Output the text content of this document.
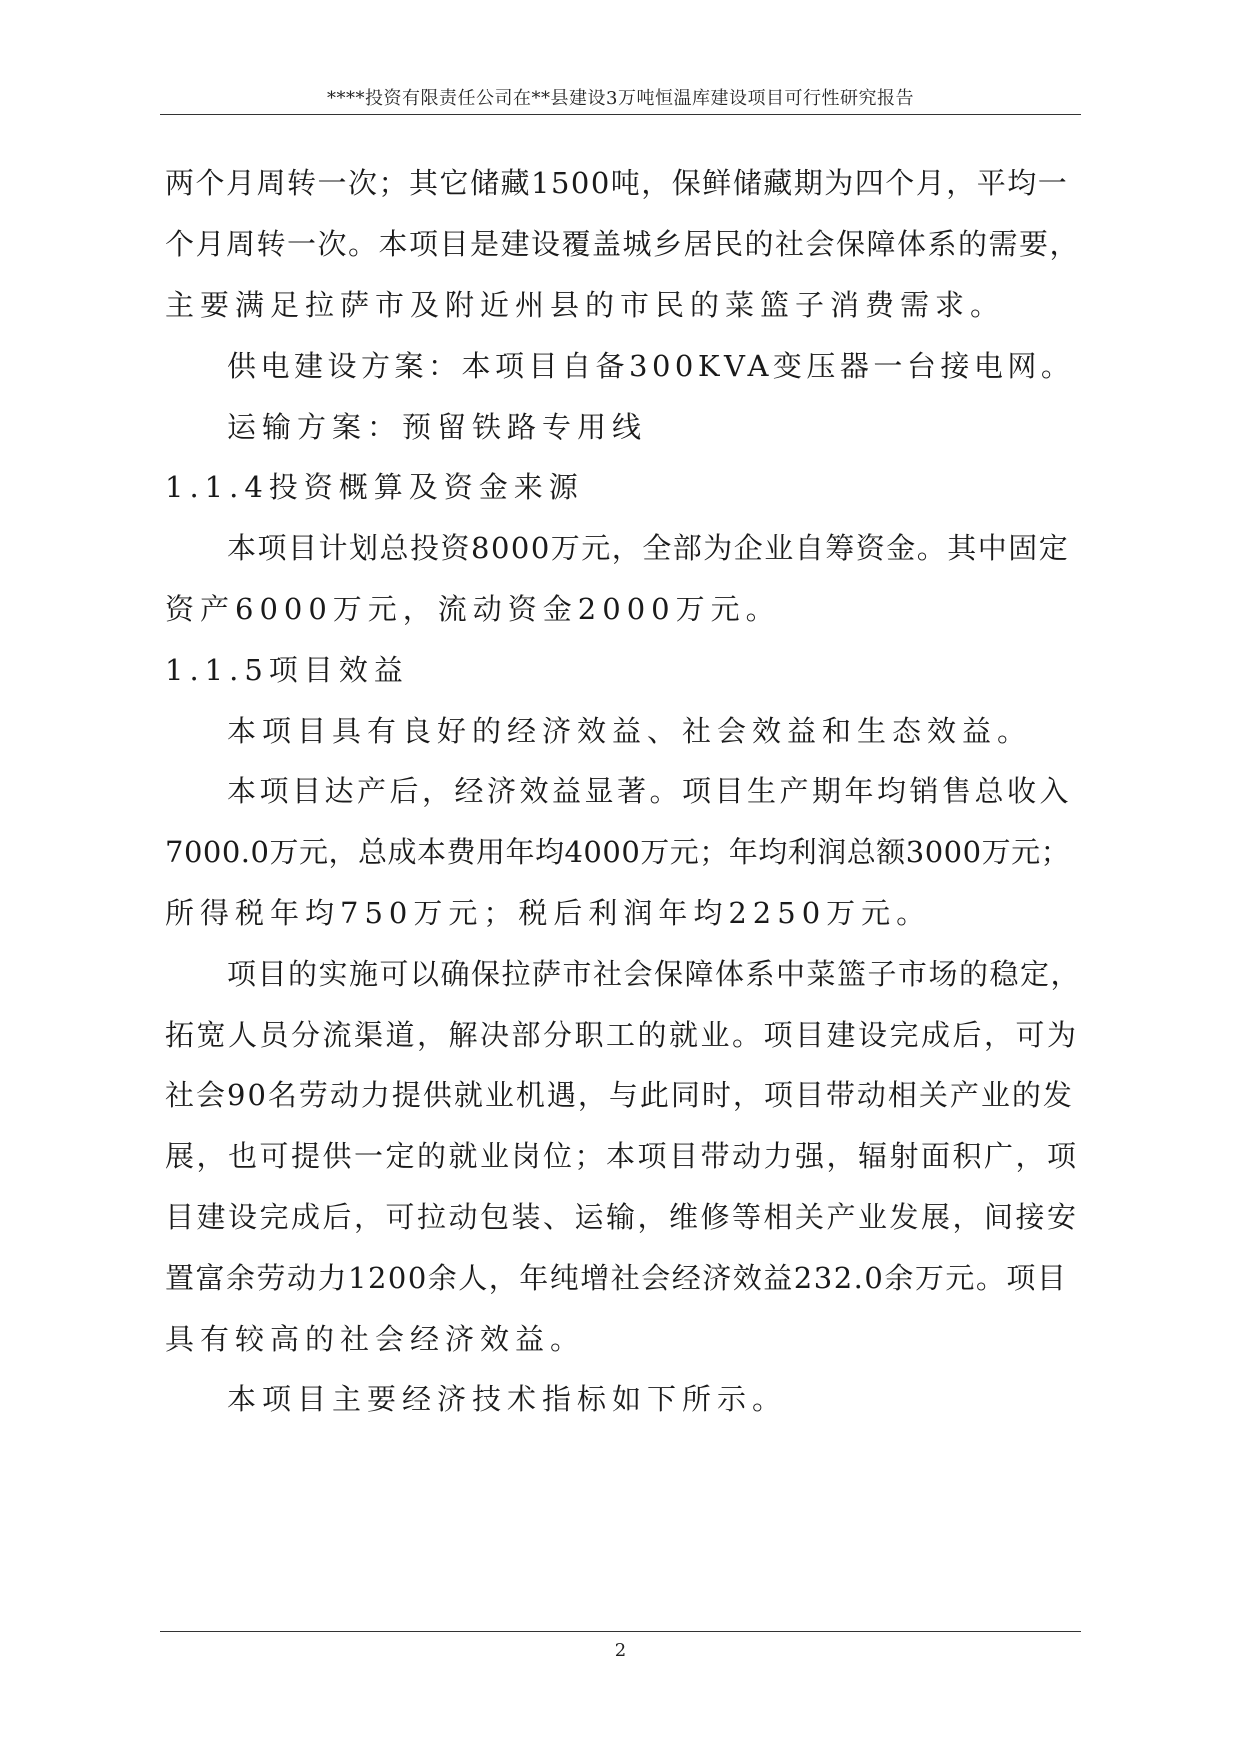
****投资有限责任公司在**县建设3万吨恒温库建设项目可行性研究报告
两个月周转一次；其它储藏1500吨，保鲜储藏期为四个月，平均一
个月周转一次。本项目是建设覆盖城乡居民的社会保障体系的需要，
主要满足拉萨市及附近州县的市民的菜篮子消费需求。
供电建设方案：本项目自备300KVA变压器一台接电网。
运输方案：预留铁路专用线
1.1.4投资概算及资金来源
本项目计划总投资8000万元，全部为企业自筹资金。其中固定
资产6000万元，流动资金2000万元。
1.1.5项目效益
本项目具有良好的经济效益、社会效益和生态效益。
本项目达产后，经济效益显著。项目生产期年均销售总收入
7000.0万元，总成本费用年均4000万元；年均利润总额3000万元；
所得税年均750万元；税后利润年均2250万元。
项目的实施可以确保拉萨市社会保障体系中菜篮子市场的稳定，
拓宽人员分流渠道，解决部分职工的就业。项目建设完成后，可为
社会90名劳动力提供就业机遇，与此同时，项目带动相关产业的发
展，也可提供一定的就业岗位；本项目带动力强，辐射面积广，项
目建设完成后，可拉动包装、运输，维修等相关产业发展，间接安
置富余劳动力1200余人，年纯增社会经济效益232.0余万元。项目
具有较高的社会经济效益。
本项目主要经济技术指标如下所示。
2
